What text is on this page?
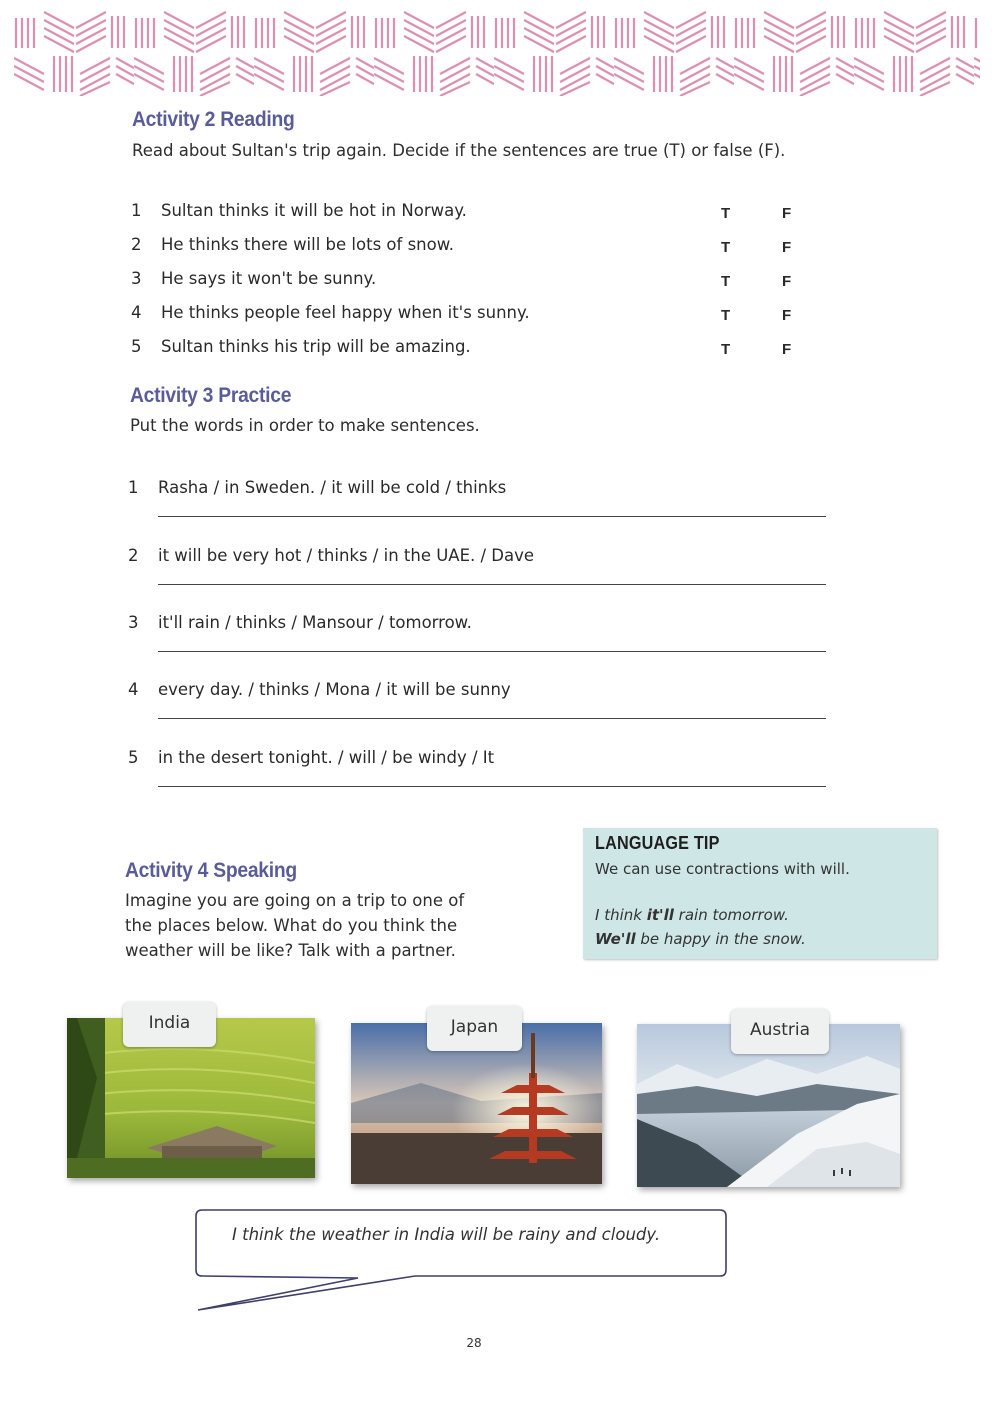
Activity 2 Reading
Read about Sultan's trip again. Decide if the sentences are true (T) or false (F).
1	Sultan thinks it will be hot in Norway.	T	F
2	He thinks there will be lots of snow.	T	F
3	He says it won't be sunny.	T	F
4	He thinks people feel happy when it's sunny.	T	F
5	Sultan thinks his trip will be amazing.	T	F
Activity 3 Practice
Put the words in order to make sentences.
1 Rasha / in Sweden. / it will be cold / thinks
2 it will be very hot / thinks / in the UAE. / Dave
3 it'll rain / thinks / Mansour / tomorrow.
4 every day. / thinks / Mona / it will be sunny
5 in the desert tonight. / will / be windy / It
LANGUAGE TIP
We can use contractions with will.
I think it'll rain tomorrow.
We'll be happy in the snow.
Activity 4 Speaking
Imagine you are going on a trip to one of
the places below. What do you think the
weather will be like? Talk with a partner.
India	Japan	Austria
I think the weather in India will be rainy and cloudy.
28
